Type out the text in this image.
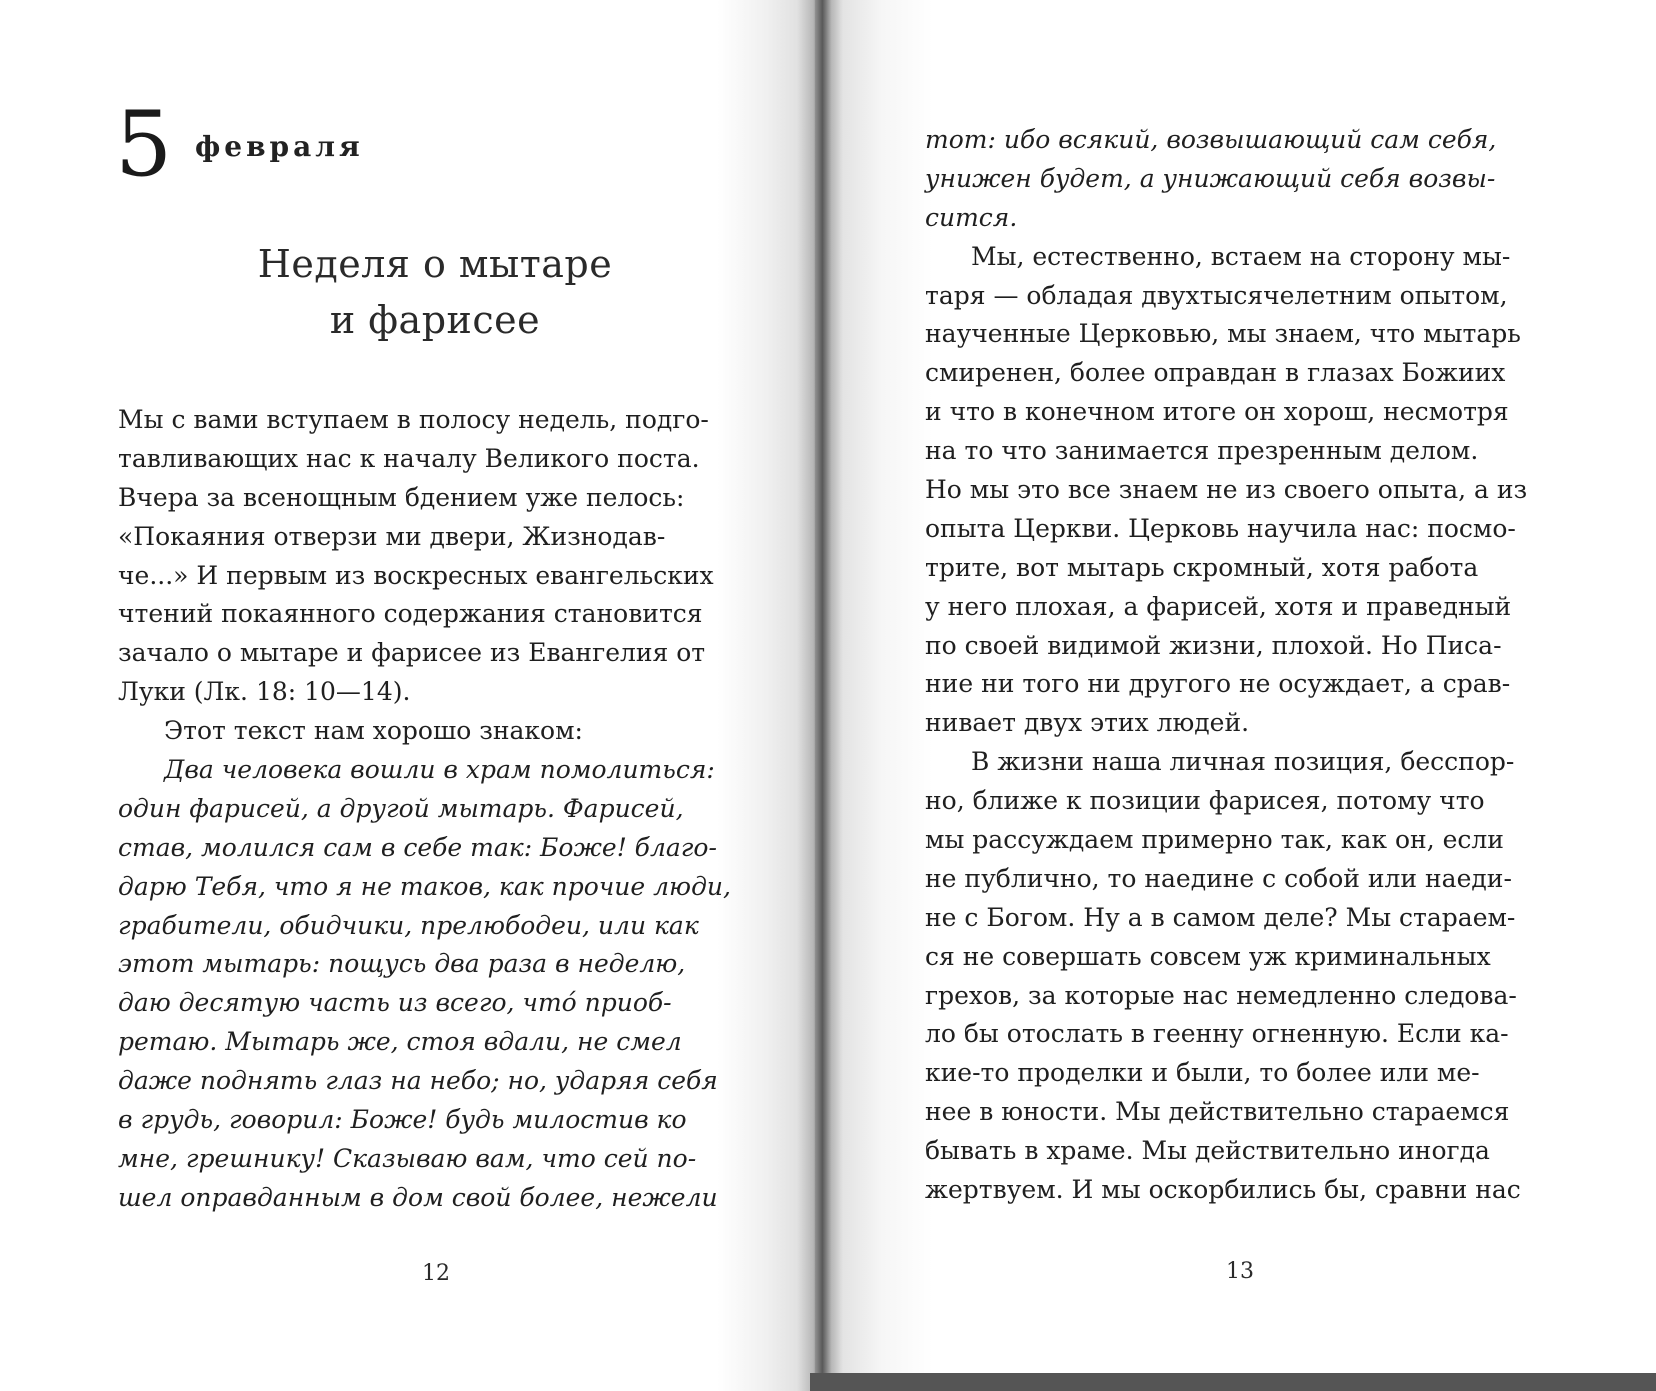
5 февраля
Неделя о мытаре
и фарисее
Мы с вами вступаем в полосу недель, подго-
тавливающих нас к началу Великого поста.
Вчера за всенощным бдением уже пелось:
«Покаяния отверзи ми двери, Жизнодав-
че...» И первым из воскресных евангельских
чтений покаянного содержания становится
зачало о мытаре и фарисее из Евангелия от
Луки (Лк. 18: 10—14).
Этот текст нам хорошо знаком:
Два человека вошли в храм помолиться:
один фарисей, а другой мытарь. Фарисей,
став, молился сам в себе так: Боже! благо-
дарю Тебя, что я не таков, как прочие люди,
грабители, обидчики, прелюбодеи, или как
этот мытарь: пощусь два раза в неделю,
даю десятую часть из всего, что́ приоб-
ретаю. Мытарь же, стоя вдали, не смел
даже поднять глаз на небо; но, ударяя себя
в грудь, говорил: Боже! будь милостив ко
мне, грешнику! Сказываю вам, что сей по-
шел оправданным в дом свой более, нежели
12	13
тот: ибо всякий, возвышающий сам себя,
унижен будет, а унижающий себя возвы-
сится.
Мы, естественно, встаем на сторону мы-
таря — обладая двухтысячелетним опытом,
наученные Церковью, мы знаем, что мытарь
смиренен, более оправдан в глазах Божиих
и что в конечном итоге он хорош, несмотря
на то что занимается презренным делом.
Но мы это все знаем не из своего опыта, а из
опыта Церкви. Церковь научила нас: посмо-
трите, вот мытарь скромный, хотя работа
у него плохая, а фарисей, хотя и праведный
по своей видимой жизни, плохой. Но Писа-
ние ни того ни другого не осуждает, а срав-
нивает двух этих людей.
В жизни наша личная позиция, бесспор-
но, ближе к позиции фарисея, потому что
мы рассуждаем примерно так, как он, если
не публично, то наедине с собой или наеди-
не с Богом. Ну а в самом деле? Мы стараем-
ся не совершать совсем уж криминальных
грехов, за которые нас немедленно следова-
ло бы отослать в геенну огненную. Если ка-
кие-то проделки и были, то более или ме-
нее в юности. Мы действительно стараемся
бывать в храме. Мы действительно иногда
жертвуем. И мы оскорбились бы, сравни нас
